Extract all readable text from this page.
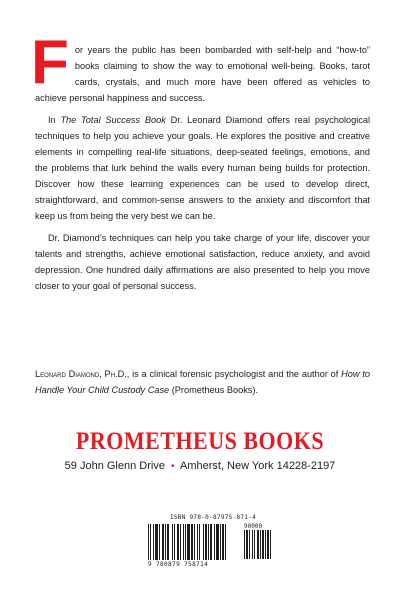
For years the public has been bombarded with self-help and “how-to” books claiming to show the way to emotional well-being. Books, tarot cards, crystals, and much more have been offered as vehicles to achieve personal happiness and success.

In The Total Success Book Dr. Leonard Diamond offers real psychological techniques to help you achieve your goals. He explores the positive and creative elements in compelling real-life situations, deep-seated feelings, emotions, and the problems that lurk behind the walls every human being builds for protection. Discover how these learning experiences can be used to develop direct, straightforward, and common-sense answers to the anxiety and discomfort that keep us from being the very best we can be.

Dr. Diamond’s techniques can help you take charge of your life, discover your talents and strengths, achieve emotional satisfaction, reduce anxiety, and avoid depression. One hundred daily affirmations are also presented to help you move closer to your goal of personal success.

Leonard Diamond, Ph.D., is a clinical forensic psychologist and the author of How to Handle Your Child Custody Case (Prometheus Books).

PROMETHEUS BOOKS
59 John Glenn Drive • Amherst, New York 14228-2197
ISBN 978-0-87975-871-4
90000
9 780879 758714
